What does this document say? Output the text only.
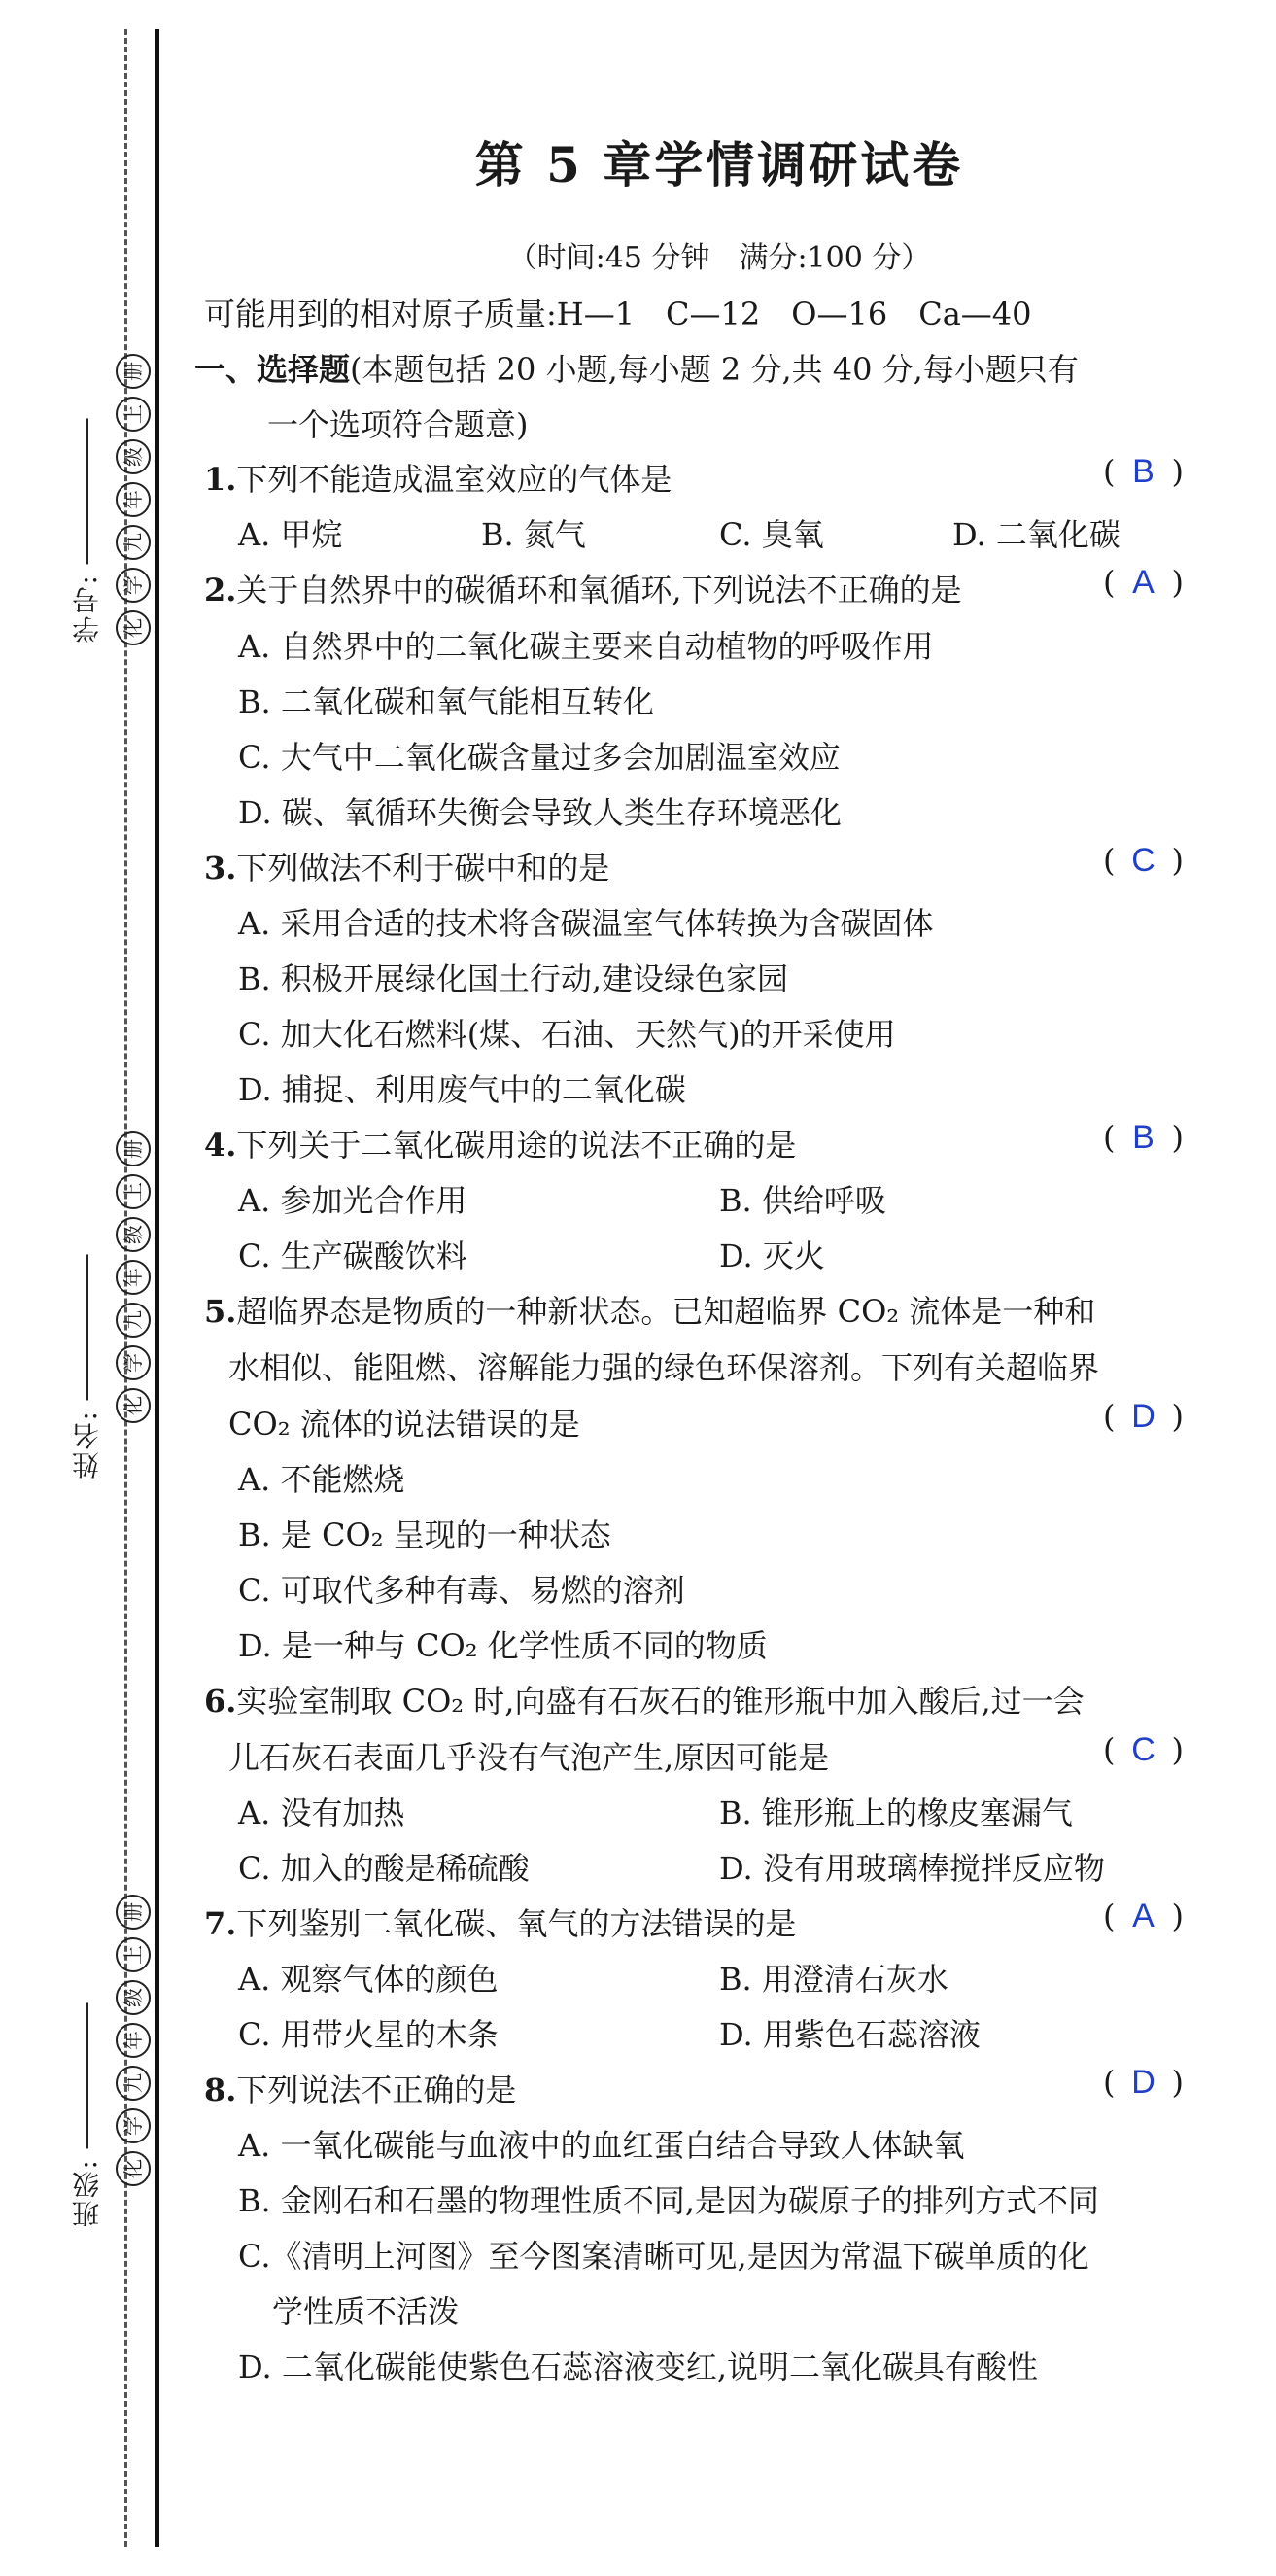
学号:
姓名:
班级:
册
上
级
年
九
学
化
册
上
级
年
九
学
化
册
上
级
年
九
学
化
第 5 章学情调研试卷
（时间:45 分钟　满分:100 分）
可能用到的相对原子质量:H—1　C—12　O—16　Ca—40
一、选择题(本题包括 20 小题,每小题 2 分,共 40 分,每小题只有
一个选项符合题意)
1.下列不能造成温室效应的气体是	( B )
A. 甲烷	B. 氮气	C. 臭氧	D. 二氧化碳
2.关于自然界中的碳循环和氧循环,下列说法不正确的是	( A )
A. 自然界中的二氧化碳主要来自动植物的呼吸作用
B. 二氧化碳和氧气能相互转化
C. 大气中二氧化碳含量过多会加剧温室效应
D. 碳、氧循环失衡会导致人类生存环境恶化
3.下列做法不利于碳中和的是	( C )
A. 采用合适的技术将含碳温室气体转换为含碳固体
B. 积极开展绿化国土行动,建设绿色家园
C. 加大化石燃料(煤、石油、天然气)的开采使用
D. 捕捉、利用废气中的二氧化碳
4.下列关于二氧化碳用途的说法不正确的是	( B )
A. 参加光合作用	B. 供给呼吸
C. 生产碳酸饮料	D. 灭火
5.超临界态是物质的一种新状态。已知超临界 CO₂ 流体是一种和
水相似、能阻燃、溶解能力强的绿色环保溶剂。下列有关超临界
CO₂ 流体的说法错误的是	( D )
A. 不能燃烧
B. 是 CO₂ 呈现的一种状态
C. 可取代多种有毒、易燃的溶剂
D. 是一种与 CO₂ 化学性质不同的物质
6.实验室制取 CO₂ 时,向盛有石灰石的锥形瓶中加入酸后,过一会
儿石灰石表面几乎没有气泡产生,原因可能是	( C )
A. 没有加热	B. 锥形瓶上的橡皮塞漏气
C. 加入的酸是稀硫酸	D. 没有用玻璃棒搅拌反应物
7.下列鉴别二氧化碳、氧气的方法错误的是	( A )
A. 观察气体的颜色	B. 用澄清石灰水
C. 用带火星的木条	D. 用紫色石蕊溶液
8.下列说法不正确的是	( D )
A. 一氧化碳能与血液中的血红蛋白结合导致人体缺氧
B. 金刚石和石墨的物理性质不同,是因为碳原子的排列方式不同
C.《清明上河图》至今图案清晰可见,是因为常温下碳单质的化
学性质不活泼
D. 二氧化碳能使紫色石蕊溶液变红,说明二氧化碳具有酸性
